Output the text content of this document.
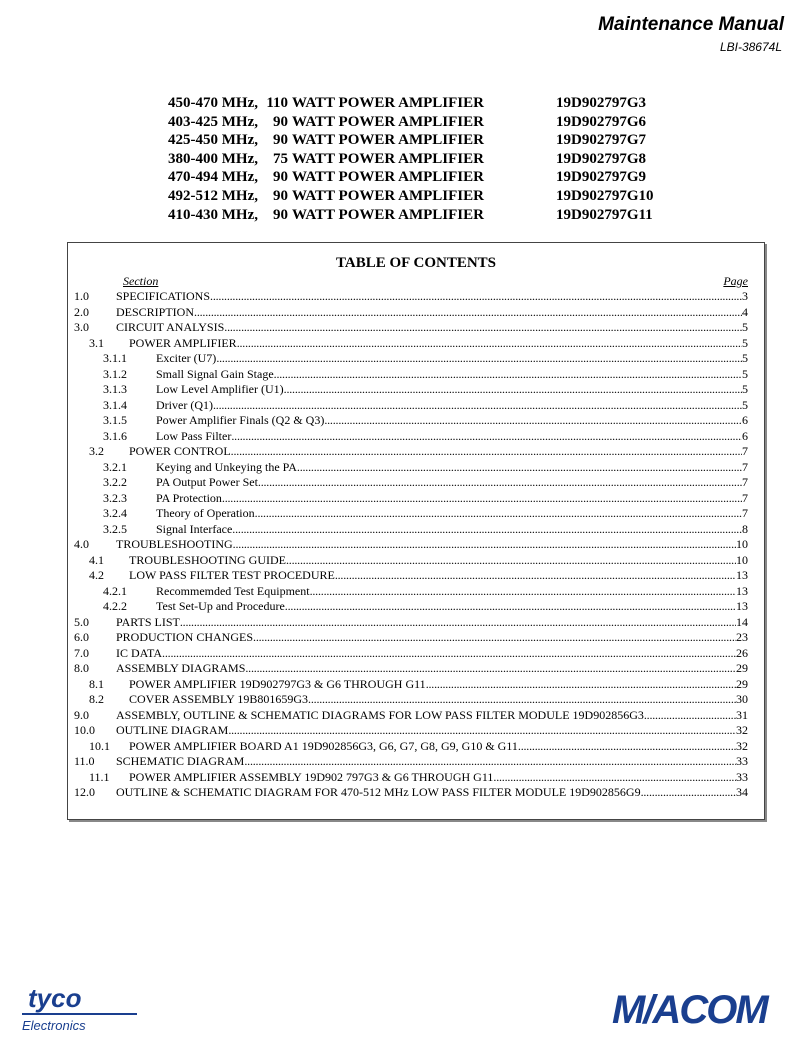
Maintenance Manual
LBI-38674L
450-470 MHz, 110 WATT POWER AMPLIFIER	19D902797G3
403-425 MHz, 90 WATT POWER AMPLIFIER	19D902797G6
425-450 MHz, 90 WATT POWER AMPLIFIER	19D902797G7
380-400 MHz, 75 WATT POWER AMPLIFIER	19D902797G8
470-494 MHz, 90 WATT POWER AMPLIFIER	19D902797G9
492-512 MHz, 90 WATT POWER AMPLIFIER	19D902797G10
410-430 MHz, 90 WATT POWER AMPLIFIER	19D902797G11
TABLE OF CONTENTS
Section	Page
1.0 SPECIFICATIONS . . .	3
2.0 DESCRIPTION . . .	4
3.0 CIRCUIT ANALYSIS . . .	5
3.1 POWER AMPLIFIER . . .	5
3.1.1 Exciter (U7) . . .	5
3.1.2 Small Signal Gain Stage . . .	5
3.1.3 Low Level Amplifier (U1) . . .	5
3.1.4 Driver (Q1) . . .	5
3.1.5 Power Amplifier Finals (Q2 & Q3) . . .	6
3.1.6 Low Pass Filter . . .	6
3.2 POWER CONTROL . . .	7
3.2.1 Keying and Unkeying the PA . . .	7
3.2.2 PA Output Power Set . . .	7
3.2.3 PA Protection . . .	7
3.2.4 Theory of Operation . . .	7
3.2.5 Signal Interface . . .	8
4.0 TROUBLESHOOTING . . .	10
4.1 TROUBLESHOOTING GUIDE . . .	10
4.2 LOW PASS FILTER TEST PROCEDURE . . .	13
4.2.1 Recommemded Test Equipment . . .	13
4.2.2 Test Set-Up and Procedure . . .	13
5.0 PARTS LIST . . .	14
6.0 PRODUCTION CHANGES . . .	23
7.0 IC DATA . . .	26
8.0 ASSEMBLY DIAGRAMS . . .	29
8.1 POWER AMPLIFIER 19D902797G3 & G6 THROUGH G11 . . .	29
8.2 COVER ASSEMBLY 19B801659G3 . . .	30
9.0 ASSEMBLY, OUTLINE & SCHEMATIC DIAGRAMS FOR LOW PASS FILTER MODULE 19D902856G3 . . .	31
10.0 OUTLINE DIAGRAM . . .	32
10.1 POWER AMPLIFIER BOARD A1 19D902856G3, G6, G7, G8, G9, G10 & G11 . . .	32
11.0 SCHEMATIC DIAGRAM . . .	33
11.1 POWER AMPLIFIER ASSEMBLY 19D902 797G3 & G6 THROUGH G11 . . .	33
12.0 OUTLINE & SCHEMATIC DIAGRAM FOR 470-512 MHz LOW PASS FILTER MODULE 19D902856G9 . . .	34
tyco
Electronics	M/ACOM
